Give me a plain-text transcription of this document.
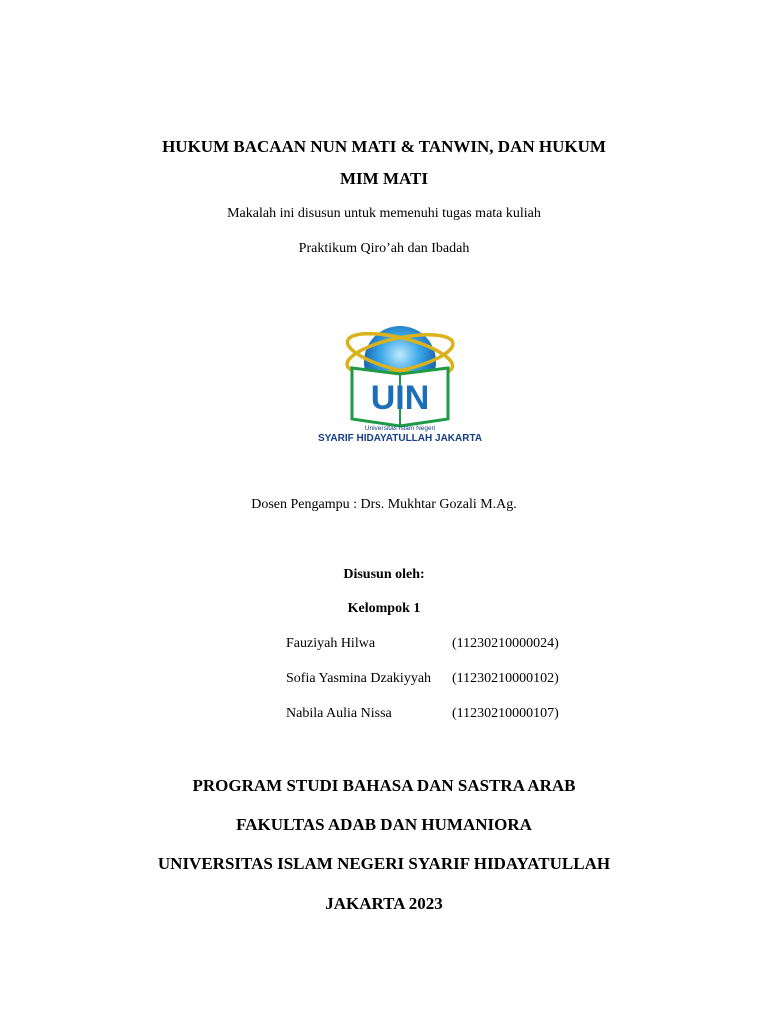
HUKUM BACAAN NUN MATI & TANWIN, DAN HUKUM
MIM MATI
Makalah ini disusun untuk memenuhi tugas mata kuliah
Praktikum Qiro’ah dan Ibadah
UIN
Universitas Islam Negeri
SYARIF HIDAYATULLAH JAKARTA
Dosen Pengampu : Drs. Mukhtar Gozali M.Ag.
Disusun oleh:
Kelompok 1
Fauziyah Hilwa	(11230210000024)
Sofia Yasmina Dzakiyyah (11230210000102)
Nabila Aulia Nissa	(11230210000107)
PROGRAM STUDI BAHASA DAN SASTRA ARAB
FAKULTAS ADAB DAN HUMANIORA
UNIVERSITAS ISLAM NEGERI SYARIF HIDAYATULLAH
JAKARTA 2023
